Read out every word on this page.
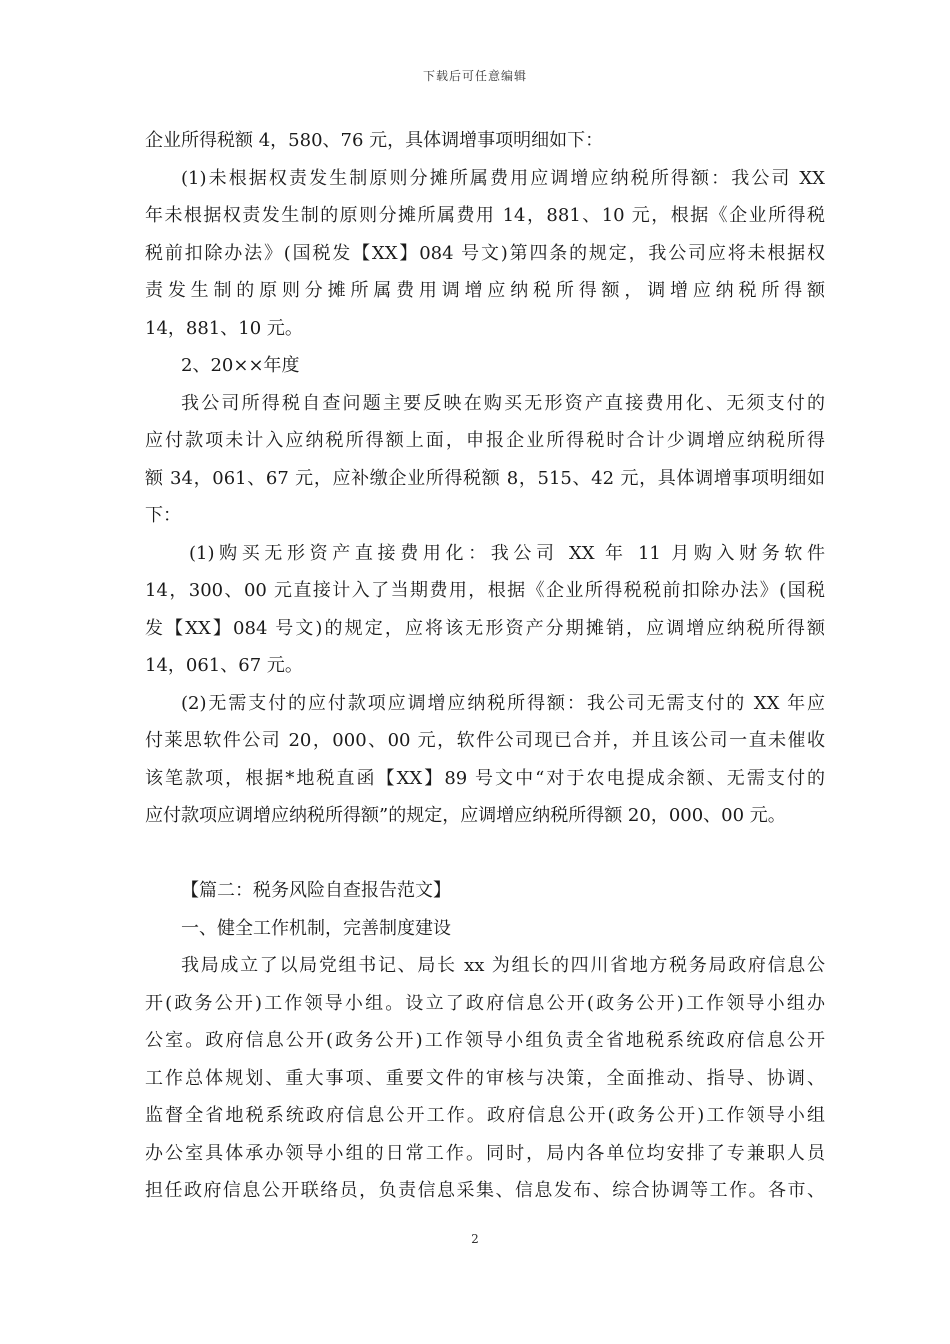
下载后可任意编辑
企业所得税额 4，580、76 元，具体调增事项明细如下：
(1)未根据权责发生制原则分摊所属费用应调增应纳税所得额：我公司 XX
年未根据权责发生制的原则分摊所属费用 14，881、10 元，根据《企业所得税
税前扣除办法》(国税发【XX】084 号文)第四条的规定，我公司应将未根据权
责发生制的原则分摊所属费用调增应纳税所得额，调增应纳税所得额
14，881、10 元。
2、20××年度
我公司所得税自查问题主要反映在购买无形资产直接费用化、无须支付的
应付款项未计入应纳税所得额上面，申报企业所得税时合计少调增应纳税所得
额 34，061、67 元，应补缴企业所得税额 8，515、42 元，具体调增事项明细如
下：
(1)购买无形资产直接费用化：我公司 XX 年 11 月购入财务软件
14，300、00 元直接计入了当期费用，根据《企业所得税税前扣除办法》(国税
发【XX】084 号文)的规定，应将该无形资产分期摊销，应调增应纳税所得额
14，061、67 元。
(2)无需支付的应付款项应调增应纳税所得额：我公司无需支付的 XX 年应
付莱思软件公司 20，000、00 元，软件公司现已合并，并且该公司一直未催收
该笔款项，根据*地税直函【XX】89 号文中“对于农电提成余额、无需支付的
应付款项应调增应纳税所得额”的规定，应调增应纳税所得额 20，000、00 元。
【篇二：税务风险自查报告范文】
一、健全工作机制，完善制度建设
我局成立了以局党组书记、局长 xx 为组长的四川省地方税务局政府信息公
开(政务公开)工作领导小组。设立了政府信息公开(政务公开)工作领导小组办
公室。政府信息公开(政务公开)工作领导小组负责全省地税系统政府信息公开
工作总体规划、重大事项、重要文件的审核与决策，全面推动、指导、协调、
监督全省地税系统政府信息公开工作。政府信息公开(政务公开)工作领导小组
办公室具体承办领导小组的日常工作。同时，局内各单位均安排了专兼职人员
担任政府信息公开联络员，负责信息采集、信息发布、综合协调等工作。各市、
2
